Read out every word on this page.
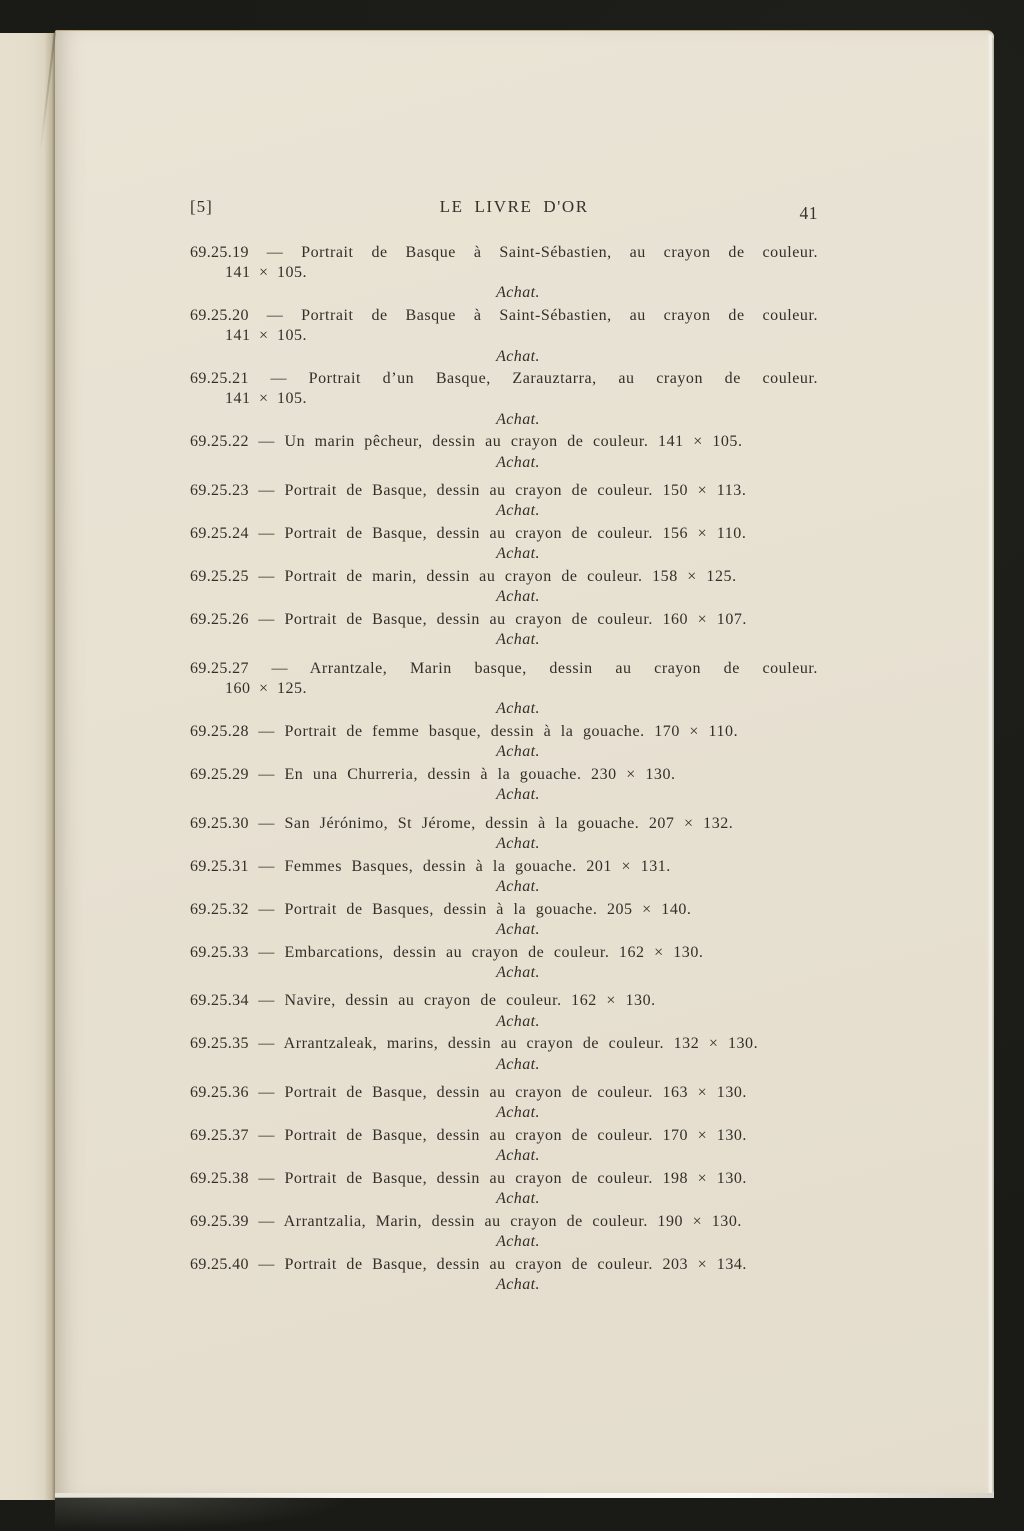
[5]	LE LIVRE D'OR	41

69.25.19 — Portrait de Basque à Saint-Sébastien, au crayon de couleur.

141 × 105.

Achat.

69.25.20 — Portrait de Basque à Saint-Sébastien, au crayon de couleur.

141 × 105.

Achat.

69.25.21 — Portrait d’un Basque, Zarauztarra, au crayon de couleur.

141 × 105.

Achat.

69.25.22 — Un marin pêcheur, dessin au crayon de couleur. 141 × 105.

Achat.

69.25.23 — Portrait de Basque, dessin au crayon de couleur. 150 × 113.

Achat.

69.25.24 — Portrait de Basque, dessin au crayon de couleur. 156 × 110.

Achat.

69.25.25 — Portrait de marin, dessin au crayon de couleur. 158 × 125.

Achat.

69.25.26 — Portrait de Basque, dessin au crayon de couleur. 160 × 107.

Achat.

69.25.27 — Arrantzale, Marin basque, dessin au crayon de couleur.

160 × 125.

Achat.

69.25.28 — Portrait de femme basque, dessin à la gouache. 170 × 110.

Achat.

69.25.29 — En una Churreria, dessin à la gouache. 230 × 130.

Achat.

69.25.30 — San Jérónimo, St Jérome, dessin à la gouache. 207 × 132.

Achat.

69.25.31 — Femmes Basques, dessin à la gouache. 201 × 131.

Achat.

69.25.32 — Portrait de Basques, dessin à la gouache. 205 × 140.

Achat.

69.25.33 — Embarcations, dessin au crayon de couleur. 162 × 130.

Achat.

69.25.34 — Navire, dessin au crayon de couleur. 162 × 130.

Achat.

69.25.35 — Arrantzaleak, marins, dessin au crayon de couleur. 132 × 130.

Achat.

69.25.36 — Portrait de Basque, dessin au crayon de couleur. 163 × 130.

Achat.

69.25.37 — Portrait de Basque, dessin au crayon de couleur. 170 × 130.

Achat.

69.25.38 — Portrait de Basque, dessin au crayon de couleur. 198 × 130.

Achat.

69.25.39 — Arrantzalia, Marin, dessin au crayon de couleur. 190 × 130.

Achat.

69.25.40 — Portrait de Basque, dessin au crayon de couleur. 203 × 134.

Achat.
